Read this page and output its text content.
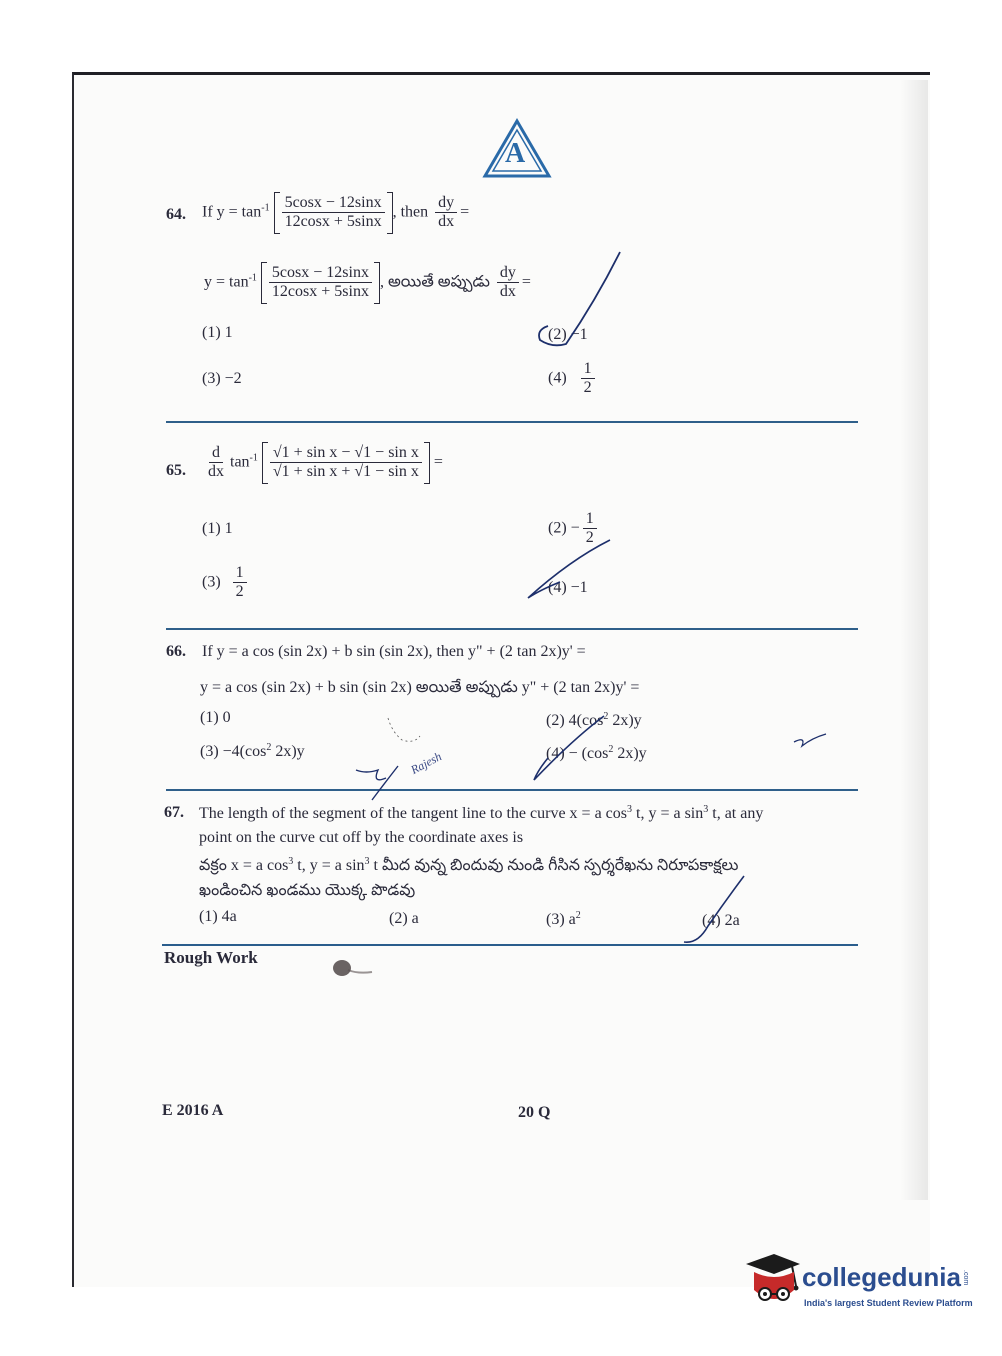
A
64. If $y = \tan^{-1} \frac{5\cos x - 12\sin x}{12\cos x + 5\sin x}$ , then $\frac{dy}{dx}$ =
$y = \tan^{-1} \frac{5\cos x - 12\sin x}{12\cos x + 5\sin x}$ , అయితే అప్పుడు $\frac{dy}{dx}$ =
(1) 1	(2) −1
(3) −2	$(4) \frac{1}{2}$
65. $\frac{d}{dx} \tan^{-1} \frac{\text{√1 + sin x − √1 − sin x}}{\text{√1 + sin x + √1 − sin x}}$ =
(1) 1	$(2) - \frac{1}{2}$
$(3) \frac{1}{2}$	(4) −1
66. If y = a cos (sin 2x) + b sin (sin 2x), then y" + (2 tan 2x)y' =
y = a cos (sin 2x) + b sin (sin 2x) అయితే అప్పుడు y" + (2 tan 2x)y' =
(1) 0	(2) $4(\cos^2$ 2x)y
$(3) -4(\cos^2$ 2x)y	$(4) - (\cos^2$ 2x)y
67. The length of the segment of the tangent line to the curve x = a $\cos^3 t$, y = a $\sin^3 t$, at any
point on the curve cut off by the coordinate axes is
వక్రం x = a $\cos^3 t$, y = a $\sin^3 t$ మీద వున్న బిందువు నుండి గీసిన స్పర్శరేఖను నిరూపకాక్షలు
ఖండించిన ఖండము యొక్క పొడవు
(1) 4a	(2) a	(3) $a^2$	(4) 2a
Rough Work
E 2016 A	20 Q
Rajesh
collegedunia .com
India's largest Student Review Platform
